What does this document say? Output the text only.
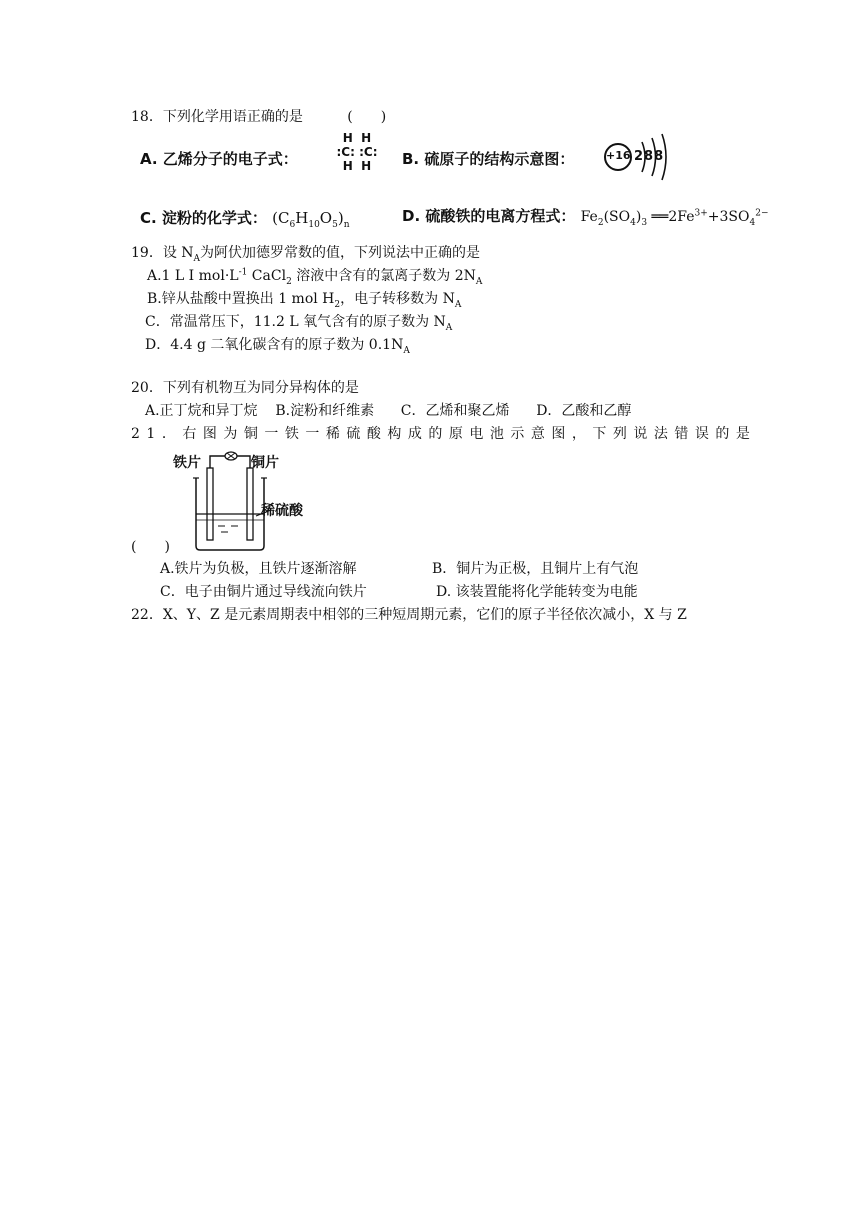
18．下列化学用语正确的是	(　　)
A. 乙烯分子的电子式：
H  H
:C: :C:
H  H	B. 硫原子的结构示意图：	+16 288
C. 淀粉的化学式： $(C_6H_{10}O_5)_n$	D. 硫酸铁的电离方程式： $Fe_2(SO_4)_3$ $══2Fe^{3+}+3SO_4^{2-}$
19．设 $N_A$为阿伏加德罗常数的值，下列说法中正确的是
A.1 L I $mol\cdot L^{-1}$ CaCl$_2$ 溶液中含有的氯离子数为 $2N_A$
B.锌从盐酸中置换出 1 mol $H_2$，电子转移数为 $N_A$
C．常温常压下，11.2 L 氧气含有的原子数为 $N_A$
D．4.4 g 二氧化碳含有的原子数为 $0.1N_A$
20．下列有机物互为同分异构体的是
A.正丁烷和异丁烷    B.淀粉和纤维素      C．乙烯和聚乙烯      D．乙酸和乙醇
21．右图为铜一铁一稀硫酸构成的原电池示意图，下列说法错误的是
铁片	铜片
稀硫酸
(　　)
A.铁片为负极，且铁片逐渐溶解	B．铜片为正极，且铜片上有气泡
C．电子由铜片通过导线流向铁片	D. 该装置能将化学能转变为电能
22．X、Y、Z 是元素周期表中相邻的三种短周期元素，它们的原子半径依次减小，X 与 Z
